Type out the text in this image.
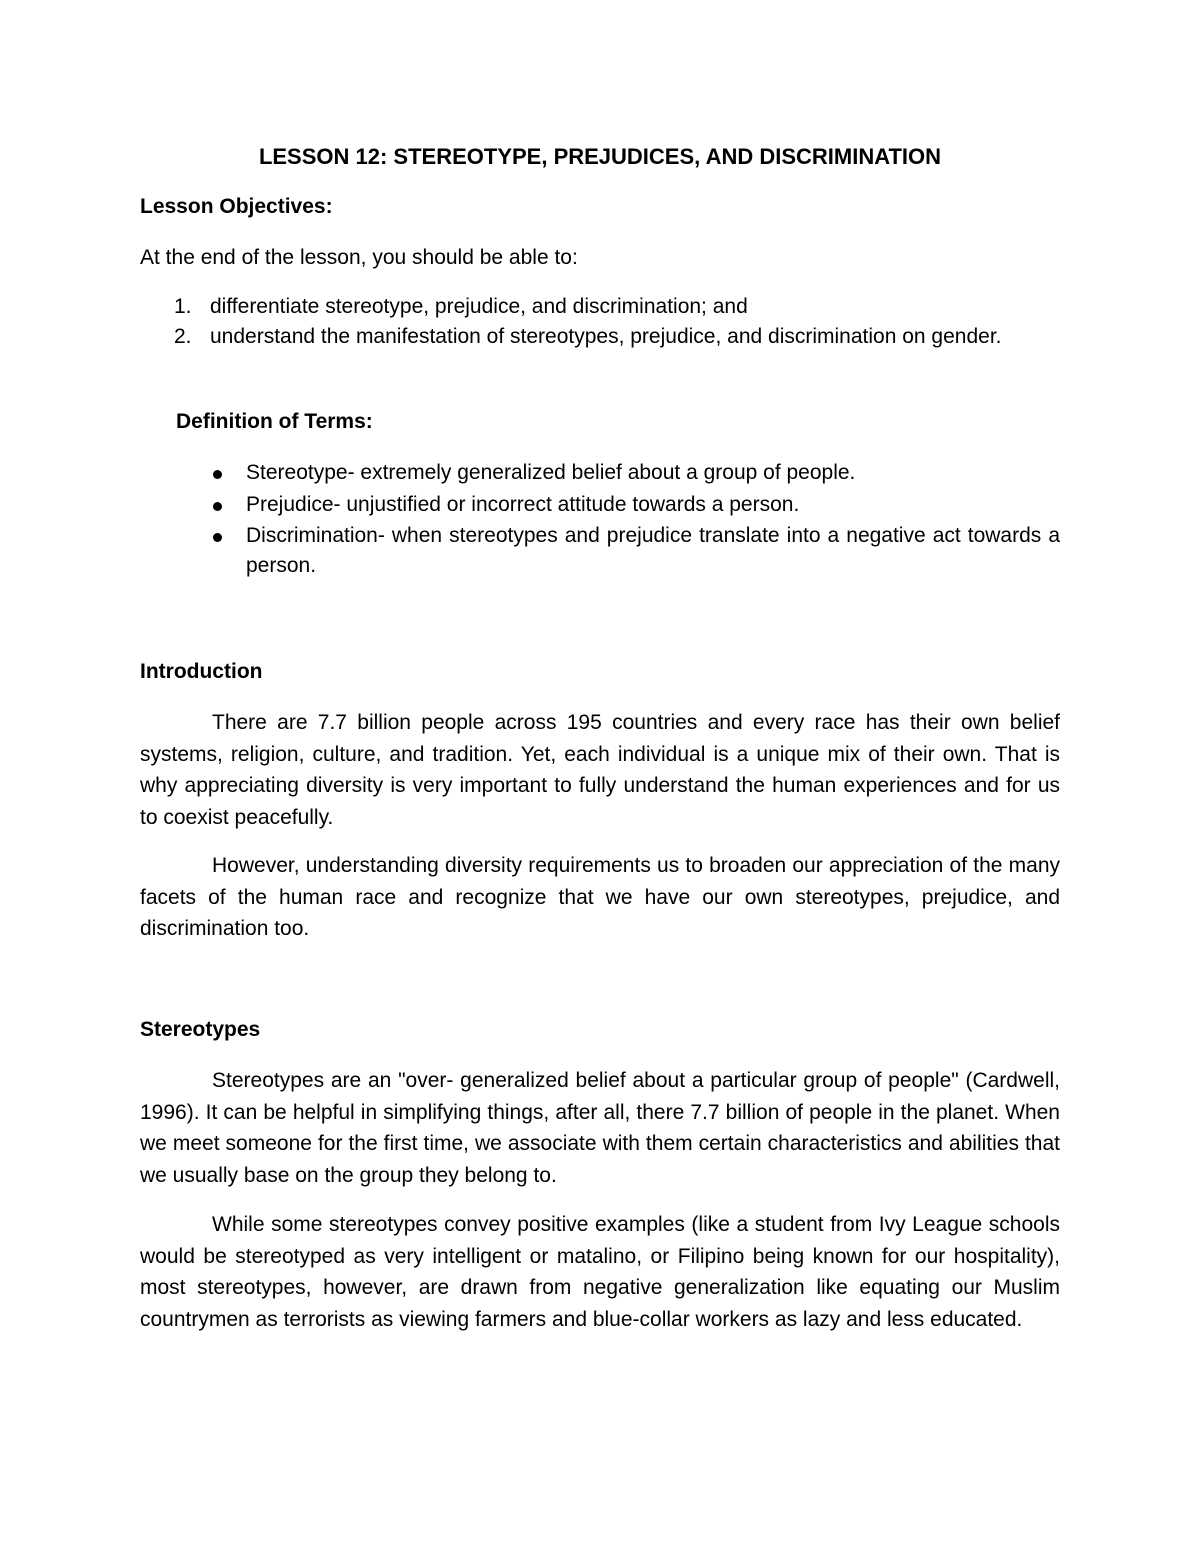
LESSON 12: STEREOTYPE, PREJUDICES, AND DISCRIMINATION
Lesson Objectives:
At the end of the lesson, you should be able to:
1. differentiate stereotype, prejudice, and discrimination; and
2. understand the manifestation of stereotypes, prejudice, and discrimination on gender.
Definition of Terms:
Stereotype- extremely generalized belief about a group of people.
Prejudice- unjustified or incorrect attitude towards a person.
Discrimination- when stereotypes and prejudice translate into a negative act towards a person.
Introduction
There are 7.7 billion people across 195 countries and every race has their own belief systems, religion, culture, and tradition. Yet, each individual is a unique mix of their own. That is why appreciating diversity is very important to fully understand the human experiences and for us to coexist peacefully.
However, understanding diversity requirements us to broaden our appreciation of the many facets of the human race and recognize that we have our own stereotypes, prejudice, and discrimination too.
Stereotypes
Stereotypes are an "over- generalized belief about a particular group of people" (Cardwell, 1996). It can be helpful in simplifying things, after all, there 7.7 billion of people in the planet. When we meet someone for the first time, we associate with them certain characteristics and abilities that we usually base on the group they belong to.
While some stereotypes convey positive examples (like a student from Ivy League schools would be stereotyped as very intelligent or matalino, or Filipino being known for our hospitality), most stereotypes, however, are drawn from negative generalization like equating our Muslim countrymen as terrorists as viewing farmers and blue-collar workers as lazy and less educated.
